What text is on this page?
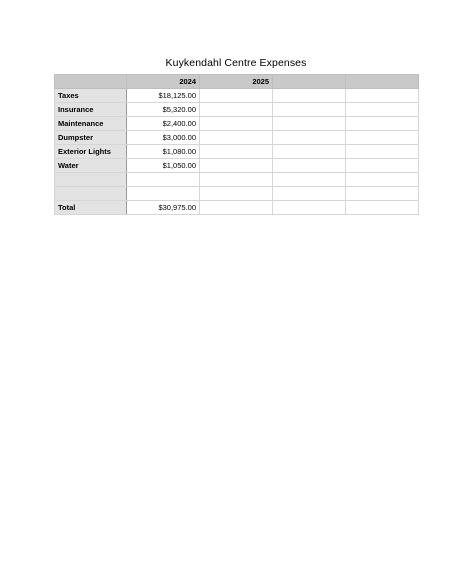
Kuykendahl Centre Expenses
	2024	2025		
Taxes	$18,125.00			
Insurance	$5,320.00			
Maintenance	$2,400.00			
Dumpster	$3,000.00			
Exterior Lights	$1,080.00			
Water	$1,050.00			

Total	$30,975.00			
